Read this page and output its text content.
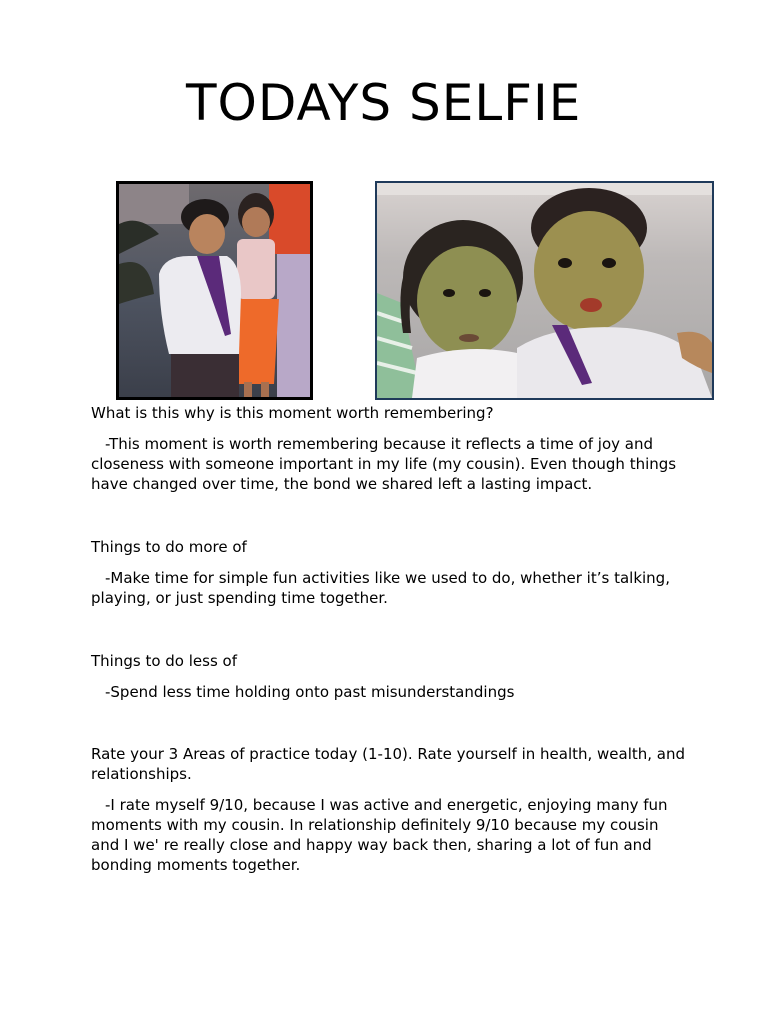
TODAYS SELFIE

What is this why is this moment worth remembering?

-This moment is worth remembering because it reflects a time of joy and closeness with someone important in my life (my cousin). Even though things have changed over time, the bond we shared left a lasting impact.

Things to do more of

-Make time for simple fun activities like we used to do, whether it’s talking, playing, or just spending time together.

Things to do less of

-Spend less time holding onto past misunderstandings

Rate your 3 Areas of practice today (1-10). Rate yourself in health, wealth, and relationships.

-I rate myself 9/10, because I was active and energetic, enjoying many fun moments with my cousin. In relationship definitely 9/10 because my cousin and I we' re really close and happy way back then, sharing a lot of fun and bonding moments together.
